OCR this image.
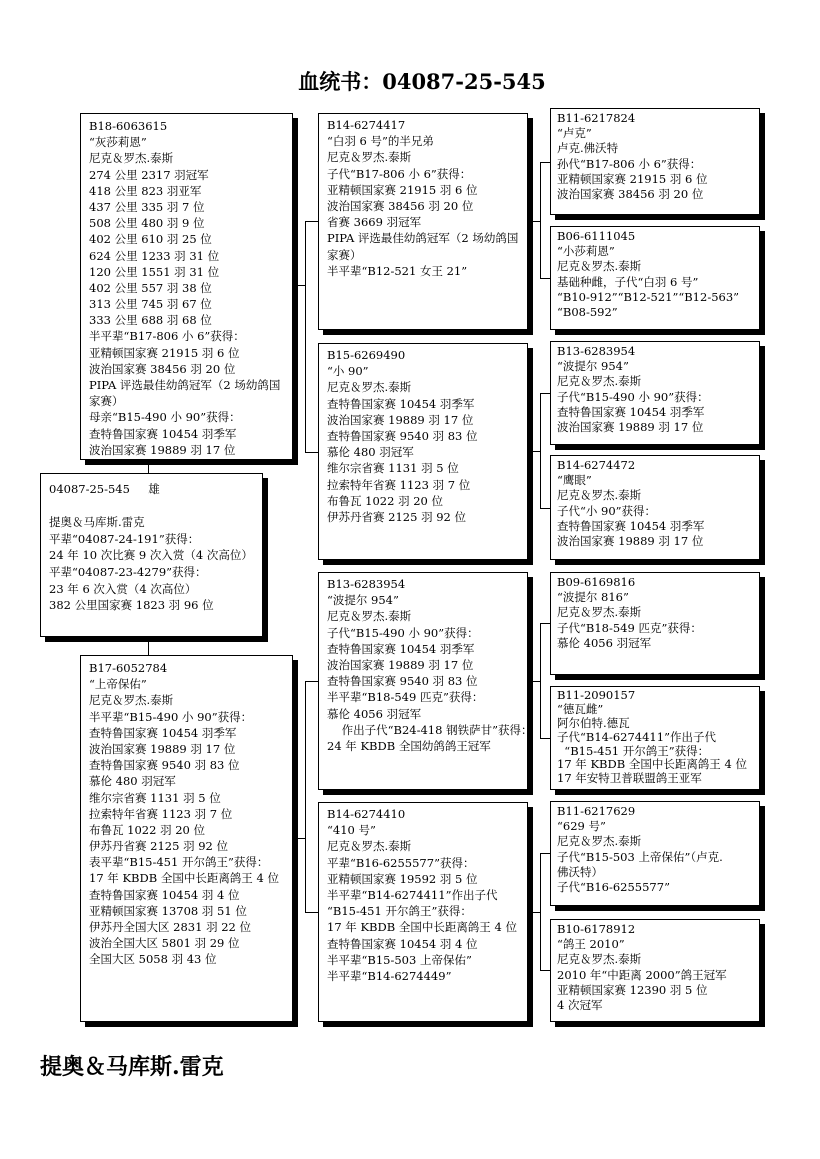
血统书：04087-25-545
B18-6063615
“灰莎莉恩”
尼克＆罗杰.泰斯
274 公里 2317 羽冠军
418 公里 823 羽亚军
437 公里 335 羽 7 位
508 公里 480 羽 9 位
402 公里 610 羽 25 位
624 公里 1233 羽 31 位
120 公里 1551 羽 31 位
402 公里 557 羽 38 位
313 公里 745 羽 67 位
333 公里 688 羽 68 位
半平辈“B17-806 小 6”获得：
亚精顿国家赛 21915 羽 6 位
波治国家赛 38456 羽 20 位
PIPA 评选最佳幼鸽冠军（2 场幼鸽国
家赛）
母亲“B15-490 小 90”获得：
查特鲁国家赛 10454 羽季军
波治国家赛 19889 羽 17 位
04087-25-545     雄
提奥＆马库斯.雷克
平辈“04087-24-191”获得：
24 年 10 次比赛 9 次入赏（4 次高位）
平辈“04087-23-4279”获得：
23 年 6 次入赏（4 次高位）
382 公里国家赛 1823 羽 96 位
B17-6052784
“上帝保佑”
尼克＆罗杰.泰斯
半平辈“B15-490 小 90”获得：
查特鲁国家赛 10454 羽季军
波治国家赛 19889 羽 17 位
查特鲁国家赛 9540 羽 83 位
慕伦 480 羽冠军
维尔宗省赛 1131 羽 5 位
拉索特年省赛 1123 羽 7 位
布鲁瓦 1022 羽 20 位
伊苏丹省赛 2125 羽 92 位
表平辈“B15-451 开尔鸽王”获得：
17 年 KBDB 全国中长距离鸽王 4 位
查特鲁国家赛 10454 羽 4 位
亚精顿国家赛 13708 羽 51 位
伊苏丹全国大区 2831 羽 22 位
波治全国大区 5801 羽 29 位
全国大区 5058 羽 43 位
B14-6274417
“白羽 6 号”的半兄弟
尼克＆罗杰.泰斯
子代“B17-806 小 6”获得：
亚精顿国家赛 21915 羽 6 位
波治国家赛 38456 羽 20 位
省赛 3669 羽冠军
PIPA 评选最佳幼鸽冠军（2 场幼鸽国
家赛）
半平辈“B12-521 女王 21”
B15-6269490
“小 90”
尼克＆罗杰.泰斯
查特鲁国家赛 10454 羽季军
波治国家赛 19889 羽 17 位
查特鲁国家赛 9540 羽 83 位
慕伦 480 羽冠军
维尔宗省赛 1131 羽 5 位
拉索特年省赛 1123 羽 7 位
布鲁瓦 1022 羽 20 位
伊苏丹省赛 2125 羽 92 位
B13-6283954
“波提尔 954”
尼克＆罗杰.泰斯
子代“B15-490 小 90”获得：
查特鲁国家赛 10454 羽季军
波治国家赛 19889 羽 17 位
查特鲁国家赛 9540 羽 83 位
半平辈“B18-549 匹克”获得：
慕伦 4056 羽冠军
作出子代“B24-418 钢铁萨甘”获得：
24 年 KBDB 全国幼鸽鸽王冠军
B14-6274410
“410 号”
尼克＆罗杰.泰斯
平辈“B16-6255577”获得：
亚精顿国家赛 19592 羽 5 位
半平辈“B14-6274411”作出子代
“B15-451 开尔鸽王”获得：
17 年 KBDB 全国中长距离鸽王 4 位
查特鲁国家赛 10454 羽 4 位
半平辈“B15-503 上帝保佑”
半平辈“B14-6274449”
B11-6217824
“卢克”
卢克.佛沃特
孙代“B17-806 小 6”获得：
亚精顿国家赛 21915 羽 6 位
波治国家赛 38456 羽 20 位
B06-6111045
“小莎莉恩”
尼克＆罗杰.泰斯
基础种雌，子代“白羽 6 号”
“B10-912”“B12-521”“B12-563”
“B08-592”
B13-6283954
“波提尔 954”
尼克＆罗杰.泰斯
子代“B15-490 小 90”获得：
查特鲁国家赛 10454 羽季军
波治国家赛 19889 羽 17 位
B14-6274472
“鹰眼”
尼克＆罗杰.泰斯
子代“小 90”获得：
查特鲁国家赛 10454 羽季军
波治国家赛 19889 羽 17 位
B09-6169816
“波提尔 816”
尼克＆罗杰.泰斯
子代“B18-549 匹克”获得：
慕伦 4056 羽冠军
B11-2090157
“德瓦雌”
阿尔伯特.德瓦
子代“B14-6274411”作出子代
“B15-451 开尔鸽王”获得：
17 年 KBDB 全国中长距离鸽王 4 位
17 年安特卫普联盟鸽王亚军
B11-6217629
“629 号”
尼克＆罗杰.泰斯
子代“B15-503 上帝保佑”（卢克.
佛沃特）
子代“B16-6255577”
B10-6178912
“鸽王 2010”
尼克＆罗杰.泰斯
2010 年“中距离 2000”鸽王冠军
亚精顿国家赛 12390 羽 5 位
4 次冠军
提奥＆马库斯.雷克
